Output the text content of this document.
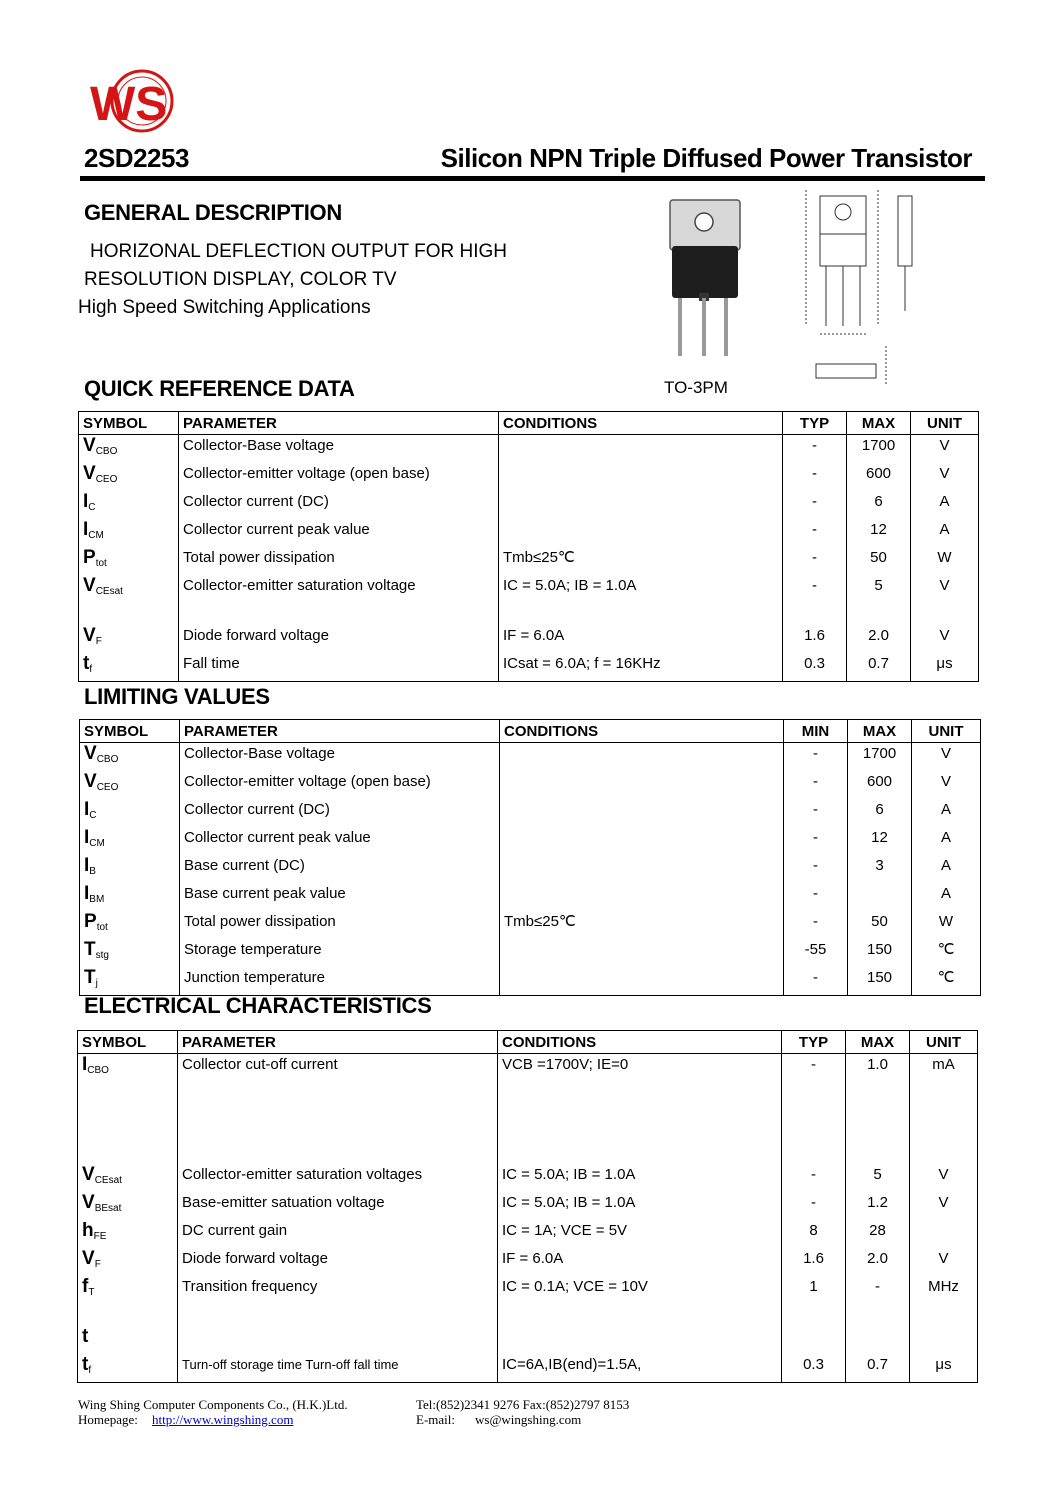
WS
2SD2253	Silicon NPN Triple Diffused Power Transistor
GENERAL DESCRIPTION
HORIZONAL DEFLECTION OUTPUT FOR HIGH
RESOLUTION DISPLAY, COLOR TV
High Speed Switching Applications
TO-3PM
QUICK REFERENCE DATA
SYMBOL	PARAMETER	CONDITIONS	TYP	MAX	UNIT
$V_{CBO}$	Collector-Base voltage		-	1700	V
$V_{CEO}$	Collector-emitter voltage (open base)		-	600	V
$I_C$	Collector current (DC)		-	6	A
$I_{CM}$	Collector current peak value		-	12	A
$P_{tot}$	Total power dissipation	Tmb≤25℃	-	50	W
$V_{CEsat}$	Collector-emitter saturation voltage	IC = 5.0A; IB = 1.0A	-	5	V

$V_F$	Diode forward voltage	IF = 6.0A	1.6	2.0	V
$t_f$	Fall time	ICsat = 6.0A; f = 16KHz	0.3	0.7	μs
LIMITING VALUES
SYMBOL	PARAMETER	CONDITIONS	MIN	MAX	UNIT
$V_{CBO}$	Collector-Base voltage		-	1700	V
$V_{CEO}$	Collector-emitter voltage (open base)		-	600	V
$I_C$	Collector current (DC)		-	6	A
$I_{CM}$	Collector current peak value		-	12	A
$I_B$	Base current (DC)		-	3	A
$I_{BM}$	Base current peak value		-		A
$P_{tot}$	Total power dissipation	Tmb≤25℃	-	50	W
$T_{stg}$	Storage temperature		-55	150	℃
$T_j$	Junction temperature		-	150	℃
ELECTRICAL CHARACTERISTICS
SYMBOL	PARAMETER	CONDITIONS	TYP	MAX	UNIT
$I_{CBO}$	Collector cut-off current	VCB =1700V; IE=0	-	1.0	mA
$V_{CEsat}$	Collector-emitter saturation voltages	IC = 5.0A; IB = 1.0A	-	5	V
$V_{BEsat}$	Base-emitter satuation voltage	IC = 5.0A; IB = 1.0A	-	1.2	V
$h_{FE}$	DC current gain	IC = 1A; VCE = 5V	8	28	
$V_F$	Diode forward voltage	IF = 6.0A	1.6	2.0	V
$f_T$	Transition frequency	IC = 0.1A; VCE = 10V	1	-	MHz

t					
$t_f$	Turn-off storage time Turn-off fall time	IC=6A,IB(end)=1.5A,	0.3	0.7	μs
Wing Shing Computer Components Co., (H.K.)Ltd.
Homepage: http://www.wingshing.com
Tel:(852)2341 9276 Fax:(852)2797 8153
E-mail: ws@wingshing.com
